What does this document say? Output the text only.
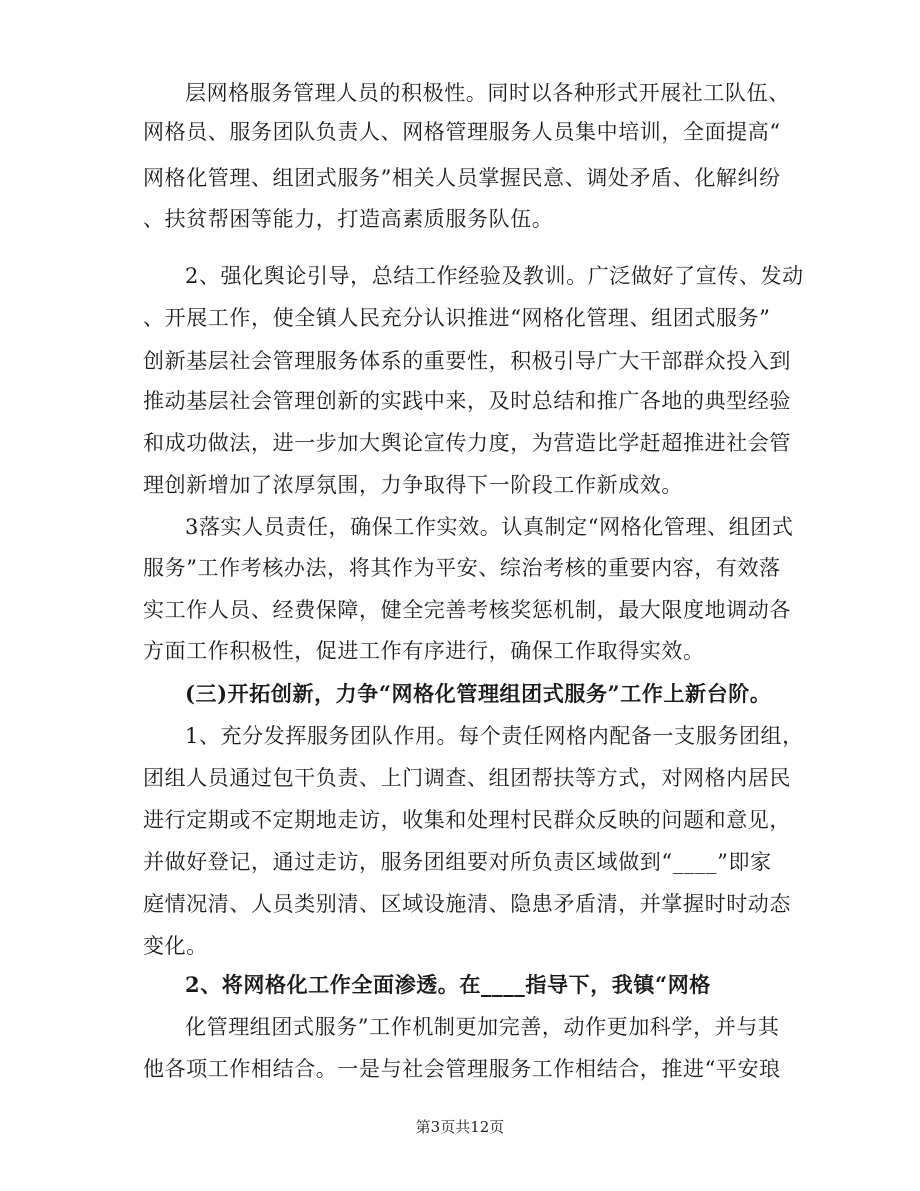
层网格服务管理人员的积极性。同时以各种形式开展社工队伍、
网格员、服务团队负责人、网格管理服务人员集中培训，全面提高“
网格化管理、组团式服务”相关人员掌握民意、调处矛盾、化解纠纷
、扶贫帮困等能力，打造高素质服务队伍。
2、强化舆论引导，总结工作经验及教训。广泛做好了宣传、发动
、开展工作，使全镇人民充分认识推进“网格化管理、组团式服务”
创新基层社会管理服务体系的重要性，积极引导广大干部群众投入到
推动基层社会管理创新的实践中来，及时总结和推广各地的典型经验
和成功做法，进一步加大舆论宣传力度，为营造比学赶超推进社会管
理创新增加了浓厚氛围，力争取得下一阶段工作新成效。
3落实人员责任，确保工作实效。认真制定“网格化管理、组团式
服务”工作考核办法，将其作为平安、综治考核的重要内容，有效落
实工作人员、经费保障，健全完善考核奖惩机制，最大限度地调动各
方面工作积极性，促进工作有序进行，确保工作取得实效。
(三)开拓创新，力争“网格化管理组团式服务”工作上新台阶。
1、充分发挥服务团队作用。每个责任网格内配备一支服务团组，
团组人员通过包干负责、上门调查、组团帮扶等方式，对网格内居民
进行定期或不定期地走访，收集和处理村民群众反映的问题和意见，
并做好登记，通过走访，服务团组要对所负责区域做到“____”即家
庭情况清、人员类别清、区域设施清、隐患矛盾清，并掌握时时动态
变化。
2、将网格化工作全面渗透。在____指导下，我镇“网格
化管理组团式服务”工作机制更加完善，动作更加科学，并与其
他各项工作相结合。一是与社会管理服务工作相结合，推进“平安琅
第3页共12页
